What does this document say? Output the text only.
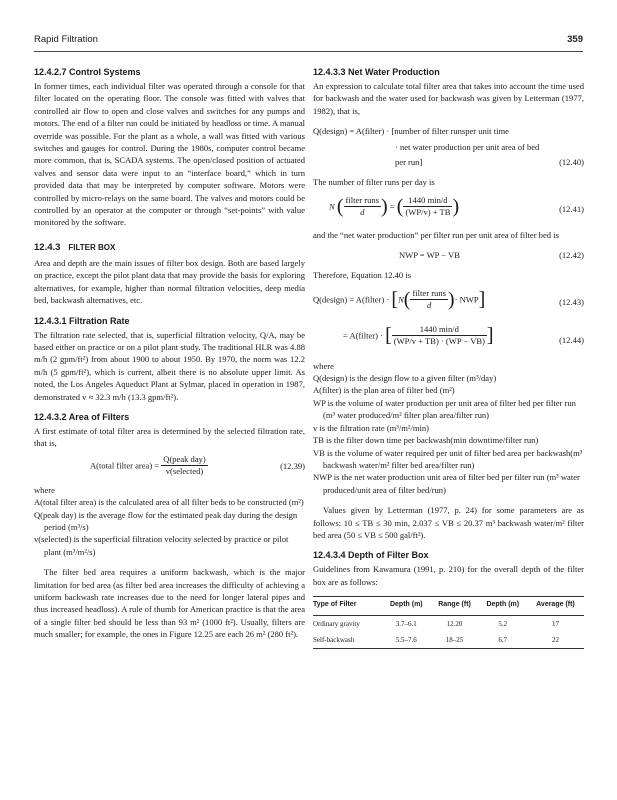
Rapid Filtration	359
12.4.2.7 Control Systems

In former times, each individual filter was operated through a console for that filter located on the operating floor. The console was fitted with valves that controlled air flow to open and close valves and switches for any pumps and motors. The end of a filter run could be initiated by headloss or time. A manual override was possible. For the plant as a whole, a wall was fitted with various switches and gauges for control. During the 1980s, computer control became more common, that is, SCADA systems. The open/closed position of actuated valves and sensor data were input to an “interface board,” which in turn provided data that may be interpreted by computer software. Motors were controlled by micro-relays on the same board. The valves and motors could be controlled by an operator at the computer or through “set-points” with value monitored by the software.

12.4.3 FILTER BOX

Area and depth are the main issues of filter box design. Both are based largely on practice, except the pilot plant data that may provide the basis for exploring alternatives, for example, higher than normal filtration velocities, deep media bed, backwash alternatives, etc.

12.4.3.1 Filtration Rate

The filtration rate selected, that is, superficial filtration velocity, Q/A, may be based either on practice or on a pilot plant study. The traditional HLR was 4.88 m/h (2 gpm/ft²) from about 1900 to about 1950. By 1970, the norm was 12.2 m/h (5 gpm/ft²), which is current, albeit there is no absolute upper limit. As noted, the Los Angeles Aqueduct Plant at Sylmar, placed in operation in 1987, demonstrated v ≈ 32.3 m/h (13.3 gpm/ft²).

12.4.3.2 Area of Filters

A first estimate of total filter area is determined by the selected filtration rate, that is,

A(total filter area) = $\frac{\text{Q(peak day)}}{\text{v(selected)}}$	(12.39)
where
A(total filter area) is the calculated area of all filter beds to be constructed (m²)
Q(peak day) is the average flow for the estimated peak day during the design period (m³/s)
v(selected) is the superficial filtration velocity selected by practice or pilot plant (m³/m²/s)

The filter bed area requires a uniform backwash, which is the major limitation for bed area (as filter bed area increases the difficulty of achieving a uniform backwash rate increases due to the need for longer lateral pipes and thus increased headloss). A rule of thumb for American practice is that the area of a single filter bed should be less than 93 m² (1000 ft²). Usually, filters are much smaller; for example, the ones in Figure 12.25 are each 26 m² (280 ft²).

12.4.3.3 Net Water Production

An expression to calculate total filter area that takes into account the time used for backwash and the water used for backwash was given by Letterman (1977, 1982), that is,

Q(design) = A(filter) · [number of filter runsper unit time
· net water production per unit area of bed
per run]	(12.40)

The number of filter runs per day is

N ( $\frac{\text{filter runs}}{d}$ ) = ( $\frac{1440 \min/d}{(WP/v) + TB}$ )	(12.41)

and the “net water production” per filter run per unit area of filter bed is

NWP = WP − VB	(12.42)
Therefore, Equation 12.40 is
Q(design) = A(filter) · [$N( \frac{\text{filter runs}}{d}$ )· NWP]	(12.43)
= A(filter) · [ $\frac{1440 \min/d}{(WP/v + TB) \cdot (WP - VB)}$ ]	(12.44)
where
Q(design) is the design flow to a given filter (m³/day)
A(filter) is the plan area of filter bed (m²)
WP is the volume of water production per unit area of filter bed per filter run (m³ water produced/m² filter plan area/filter run)
v is the filtration rate (m³/m²/min)
TB is the filter down time per backwash(min downtime/filter run)
VB is the volume of water required per unit of filter bed area per backwash(m³ backwash water/m² filter bed area/filter run)
NWP is the net water production unit area of filter bed per filter run (m³ water produced/unit area of filter bed/run)

Values given by Letterman (1977, p. 24) for some parameters are as follows: 10 ≤ TB ≤ 30 min, 2.037 ≤ VB ≤ 20.37 m³ backwash water/m² filter bed area (50 ≤ VB ≤ 500 gal/ft²).

12.4.3.4 Depth of Filter Box

Guidelines from Kawamura (1991, p. 210) for the overall depth of the filter box are as follows:

Type of Filter	Depth (m)	Range (ft)	Depth (m)	Average (ft)
Ordinary gravity	3.7–6.1	12.20	5.2	17
Self-backwash	5.5–7.6	18–25	6.7	22
